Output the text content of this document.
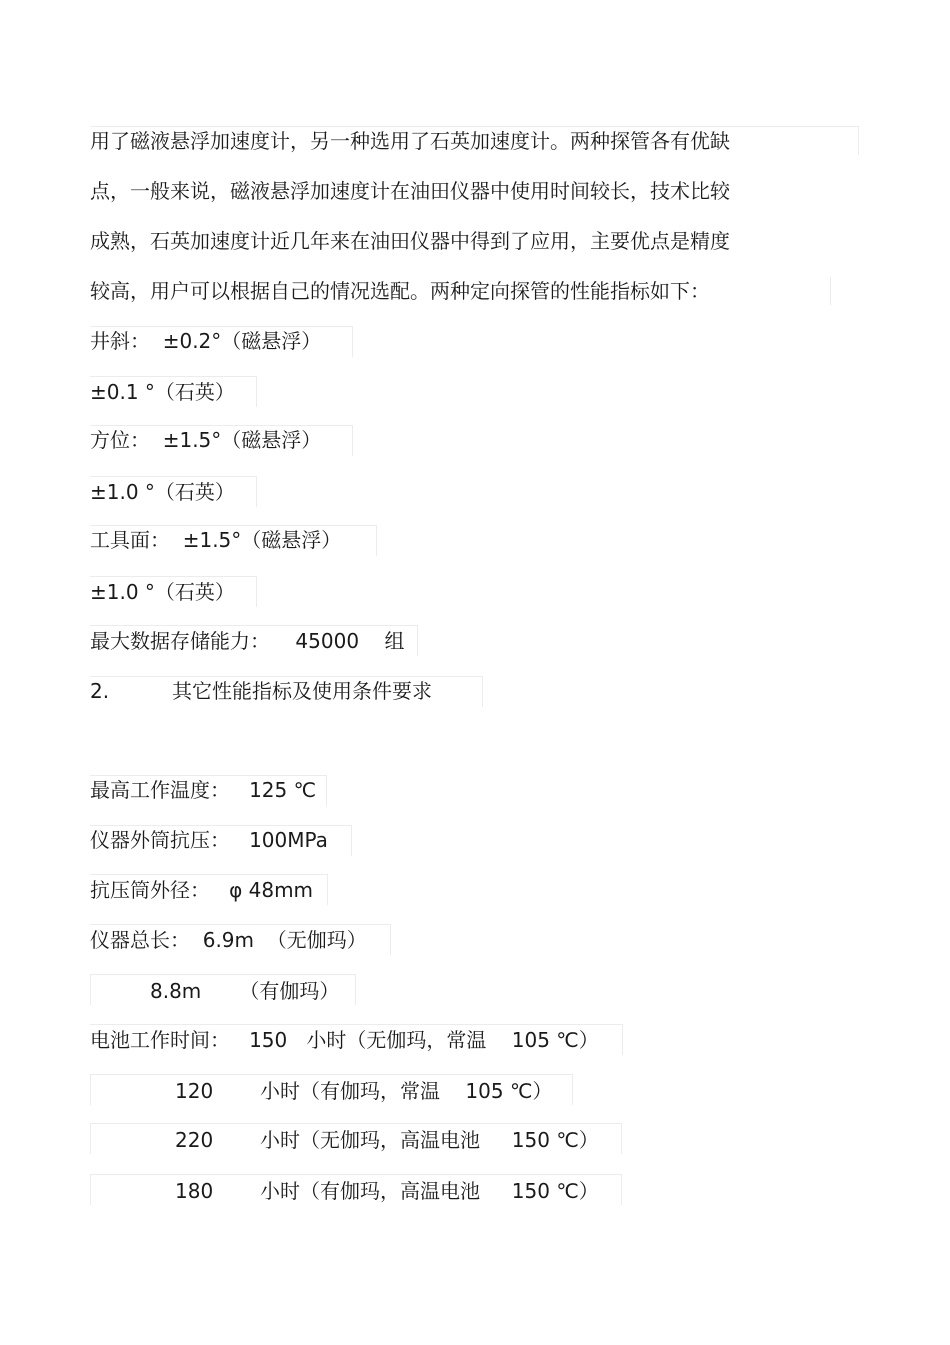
用了磁液悬浮加速度计，另一种选用了石英加速度计。两种探管各有优缺
点，一般来说，磁液悬浮加速度计在油田仪器中使用时间较长，技术比较
成熟，石英加速度计近几年来在油田仪器中得到了应用，主要优点是精度
较高，用户可以根据自己的情况选配。两种定向探管的性能指标如下：
井斜：  ±0.2°（磁悬浮）
±0.1 °（石英）
方位：  ±1.5°（磁悬浮）
±1.0 °（石英）
工具面：  ±1.5°（磁悬浮）
±1.0 °（石英）
最大数据存储能力：    45000    组
2.	其它性能指标及使用条件要求
最高工作温度：   125 ℃
仪器外筒抗压：   100MPa
抗压筒外径：   φ 48mm
仪器总长：  6.9m  （无伽玛）
8.8m      （有伽玛）
电池工作时间：   150   小时（无伽玛，常温    105 ℃）
120 小时（有伽玛，常温    105 ℃）
220 小时（无伽玛，高温电池     150 ℃）
180 小时（有伽玛，高温电池     150 ℃）
